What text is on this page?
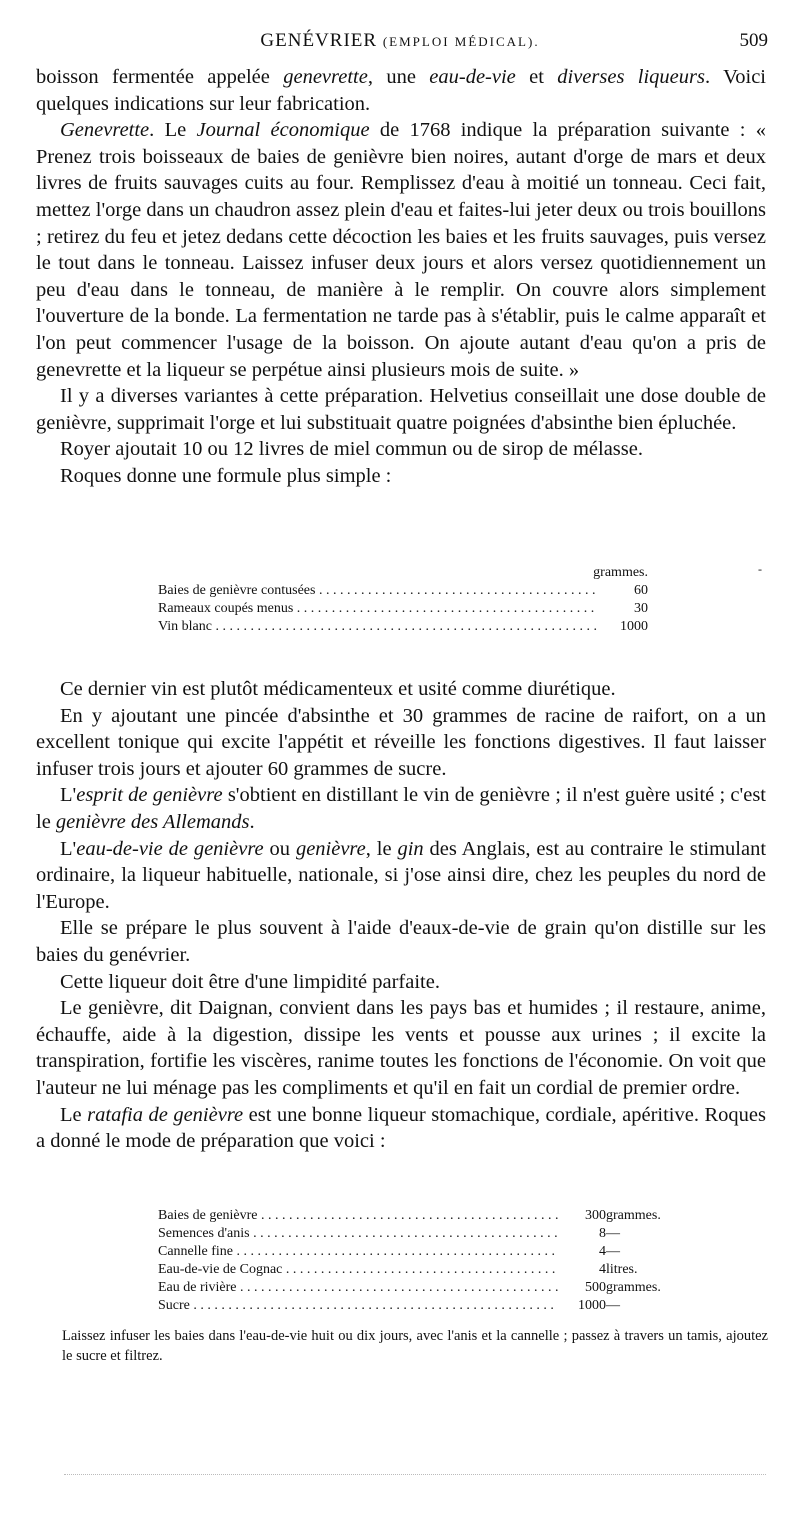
GENÉVRIER (EMPLOI MÉDICAL).	509

boisson fermentée appelée genevrette, une eau-de-vie et diverses liqueurs. Voici quelques indications sur leur fabrication.

Genevrette. Le Journal économique de 1768 indique la préparation suivante : « Prenez trois boisseaux de baies de genièvre bien noires, autant d'orge de mars et deux livres de fruits sauvages cuits au four. Remplissez d'eau à moitié un tonneau. Ceci fait, mettez l'orge dans un chaudron assez plein d'eau et faites-lui jeter deux ou trois bouillons ; retirez du feu et jetez dedans cette décoction les baies et les fruits sauvages, puis versez le tout dans le tonneau. Laissez infuser deux jours et alors versez quotidiennement un peu d'eau dans le tonneau, de manière à le remplir. On couvre alors simplement l'ouverture de la bonde. La fermentation ne tarde pas à s'établir, puis le calme apparaît et l'on peut commencer l'usage de la boisson. On ajoute autant d'eau qu'on a pris de genevrette et la liqueur se perpétue ainsi plusieurs mois de suite. »

Il y a diverses variantes à cette préparation. Helvetius conseillait une dose double de genièvre, supprimait l'orge et lui substituait quatre poignées d'absinthe bien épluchée.

Royer ajoutait 10 ou 12 livres de miel commun ou de sirop de mélasse.

Roques donne une formule plus simple :

-
grammes.
Baies de genièvre contusées . . .	60
Rameaux coupés menus . . .	30
Vin blanc . . .	1000

Ce dernier vin est plutôt médicamenteux et usité comme diurétique.

En y ajoutant une pincée d'absinthe et 30 grammes de racine de raifort, on a un excellent tonique qui excite l'appétit et réveille les fonctions digestives. Il faut laisser infuser trois jours et ajouter 60 grammes de sucre.

L'esprit de genièvre s'obtient en distillant le vin de genièvre ; il n'est guère usité ; c'est le genièvre des Allemands.

L'eau-de-vie de genièvre ou genièvre, le gin des Anglais, est au contraire le stimulant ordinaire, la liqueur habituelle, nationale, si j'ose ainsi dire, chez les peuples du nord de l'Europe.

Elle se prépare le plus souvent à l'aide d'eaux-de-vie de grain qu'on distille sur les baies du genévrier.

Cette liqueur doit être d'une limpidité parfaite.

Le genièvre, dit Daignan, convient dans les pays bas et humides ; il restaure, anime, échauffe, aide à la digestion, dissipe les vents et pousse aux urines ; il excite la transpiration, fortifie les viscères, ranime toutes les fonctions de l'économie. On voit que l'auteur ne lui ménage pas les compliments et qu'il en fait un cordial de premier ordre.

Le ratafia de genièvre est une bonne liqueur stomachique, cordiale, apéritive. Roques a donné le mode de préparation que voici :

Baies de genièvre . . .	300 grammes.
Semences d'anis . . .	8 —
Cannelle fine . . .	4 —
Eau-de-vie de Cognac . . .	4 litres.
Eau de rivière . . .	500 grammes.
Sucre . . .	1000 —
Laissez infuser les baies dans l'eau-de-vie huit ou dix jours, avec l'anis et la cannelle ; passez à travers un tamis, ajoutez le sucre et filtrez.
